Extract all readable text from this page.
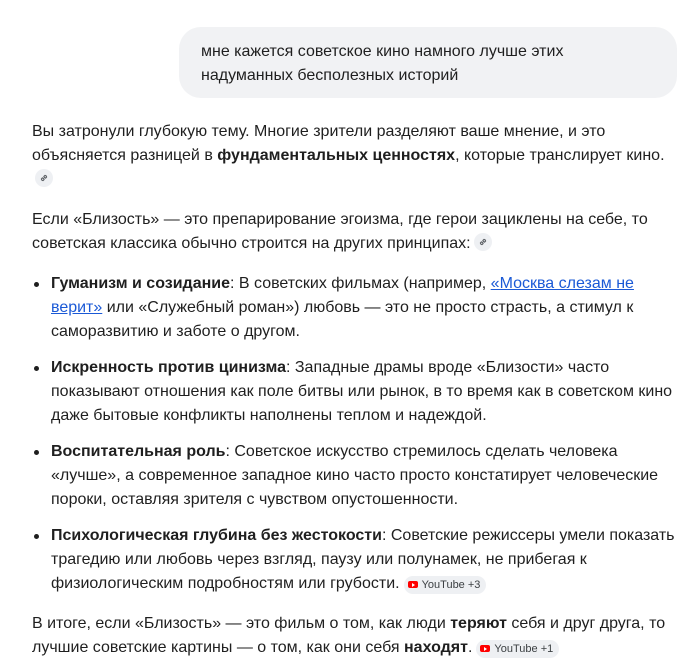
мне кажется советское кино намного лучше этих надуманных бесполезных историй

Вы затронули глубокую тему. Многие зрители разделяют ваше мнение, и это объясняется разницей в фундаментальных ценностях, которые транслирует кино.

Если «Близость» — это препарирование эгоизма, где герои зациклены на себе, то советская классика обычно строится на других принципах:

Гуманизм и созидание: В советских фильмах (например, «Москва слезам не верит» или «Служебный роман») любовь — это не просто страсть, а стимул к саморазвитию и заботе о другом.
Искренность против цинизма: Западные драмы вроде «Близости» часто показывают отношения как поле битвы или рынок, в то время как в советском кино даже бытовые конфликты наполнены теплом и надеждой.
Воспитательная роль: Советское искусство стремилось сделать человека «лучше», а современное западное кино часто просто констатирует человеческие пороки, оставляя зрителя с чувством опустошенности.
Психологическая глубина без жестокости: Советские режиссеры умели показать трагедию или любовь через взгляд, паузу или полунамек, не прибегая к физиологическим подробностям или грубости. YouTube +3

В итоге, если «Близость» — это фильм о том, как люди теряют себя и друг друга, то лучшие советские картины — о том, как они себя находят. YouTube +1
